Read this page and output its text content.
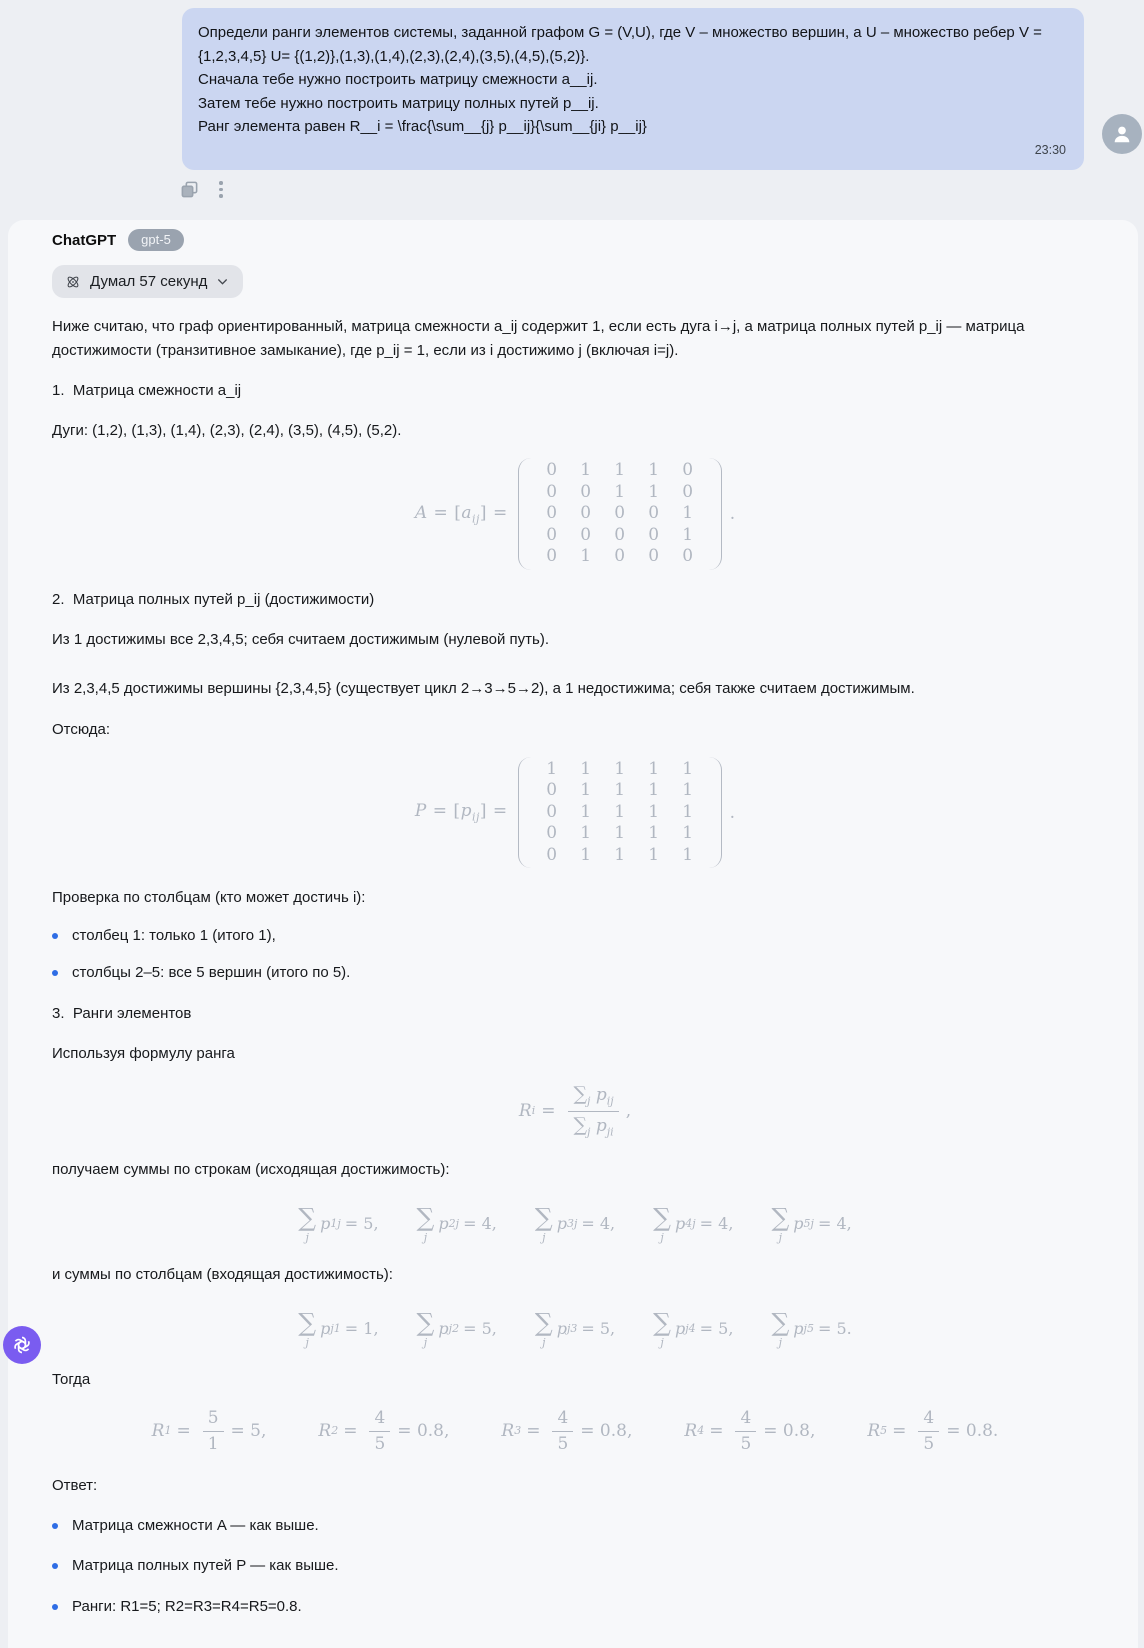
Определи ранги элементов системы, заданной графом G = (V,U), где V – множество вершин, а U – множество ребер V = {1,2,3,4,5} U= {(1,2)},(1,3),(1,4),(2,3),(2,4),(3,5),(4,5),(5,2)}.
Сначала тебе нужно построить матрицу смежности a__ij.
Затем тебе нужно построить матрицу полных путей p__ij.
Ранг элемента равен R__i = \frac{\sum__{j} p__ij}{\sum__{ji} p__ij}
23:30
ChatGPT	gpt-5
Думал 57 секунд
Ниже считаю, что граф ориентированный, матрица смежности a_ij содержит 1, если есть дуга i→j, а матрица полных путей p_ij — матрица достижимости (транзитивное замыкание), где p_ij = 1, если из i достижимо j (включая i=j).
1.  Матрица смежности a_ij
Дуги: (1,2), (1,3), (1,4), (2,3), (2,4), (3,5), (4,5), (5,2).
$A = [a_{ij}]$ =
0	1	1	1	0
0	0	1	1	0
0	0	0	0	1
0	0	0	0	1
0	1	0	0	0
.
2.  Матрица полных путей p_ij (достижимости)
Из 1 достижимы все 2,3,4,5; себя считаем достижимым (нулевой путь).
Из 2,3,4,5 достижимы вершины {2,3,4,5} (существует цикл 2→3→5→2), а 1 недостижима; себя также считаем достижимым.
Отсюда:
$P = [p_{ij}]$ =
1	1	1	1	1
0	1	1	1	1
0	1	1	1	1
0	1	1	1	1
0	1	1	1	1
.
Проверка по столбцам (кто может достичь i):
столбец 1: только 1 (итого 1),
столбцы 2–5: все 5 вершин (итого по 5).
3.  Ранги элементов
Используя формулу ранга
R $i = \frac{\sum_j p_{ij}}{\sum_j p_{ji}}$ ,
получаем суммы по строкам (исходящая достижимость):
∑
j
p 1j = 5, ∑
j
p 2j = 4, ∑
j
p 3j = 4, ∑
j
p 4j = 4, ∑
j
p 5j = 4,
и суммы по столбцам (входящая достижимость):
∑
j
p j1 = 1, ∑
j
p j2 = 5, ∑
j
p j3 = 5, ∑
j
p j4 = 5, ∑
j
p j5 = 5.
Тогда
R $1 = \frac{5}{1} = 5$,	R $2 = \frac{4}{5} = 0.8$,	R $3 = \frac{4}{5} = 0.8$,	R $4 = \frac{4}{5} = 0.8$,	R $5 = \frac{4}{5} = 0.8$.
Ответ:
Матрица смежности A — как выше.
Матрица полных путей P — как выше.
Ранги: R1=5; R2=R3=R4=R5=0.8.
